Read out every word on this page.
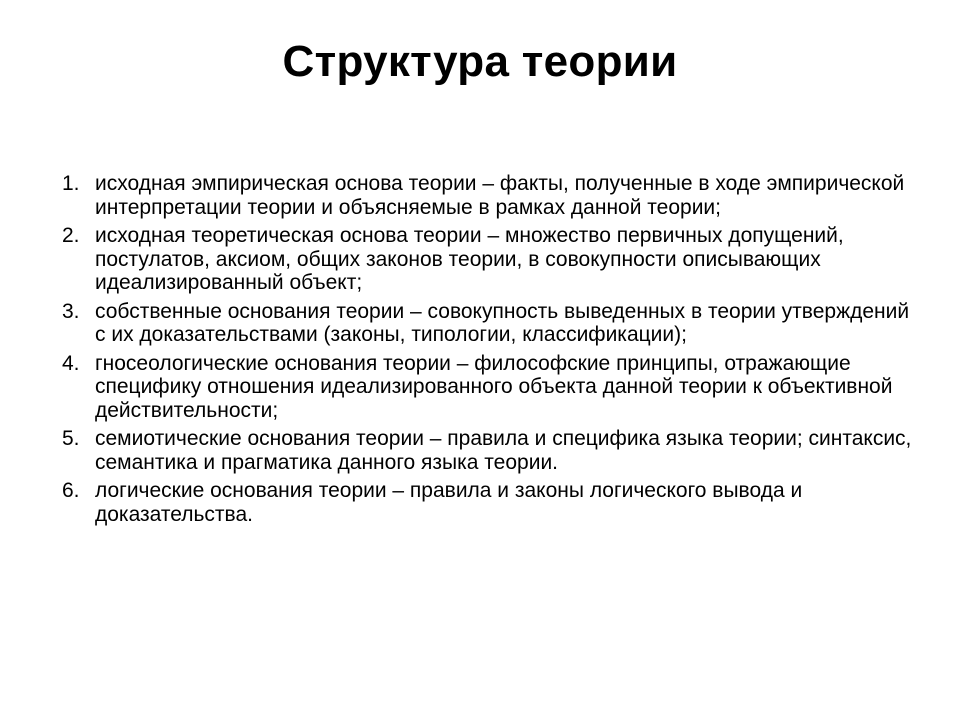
Структура теории
1. исходная эмпирическая основа теории – факты, полученные в ходе эмпирической интерпретации теории и объясняемые в рамках данной теории;
2. исходная теоретическая основа теории – множество первичных допущений, постулатов, аксиом, общих законов теории, в совокупности описывающих идеализированный объект;
3. собственные основания теории – совокупность выведенных в теории утверждений с их доказательствами (законы, типологии, классификации);
4. гносеологические основания теории – философские принципы, отражающие специфику отношения идеализированного объекта данной теории к объективной действительности;
5. семиотические основания теории – правила и специфика языка теории; синтаксис, семантика и прагматика данного языка теории.
6. логические основания теории – правила и законы логического вывода и доказательства.
